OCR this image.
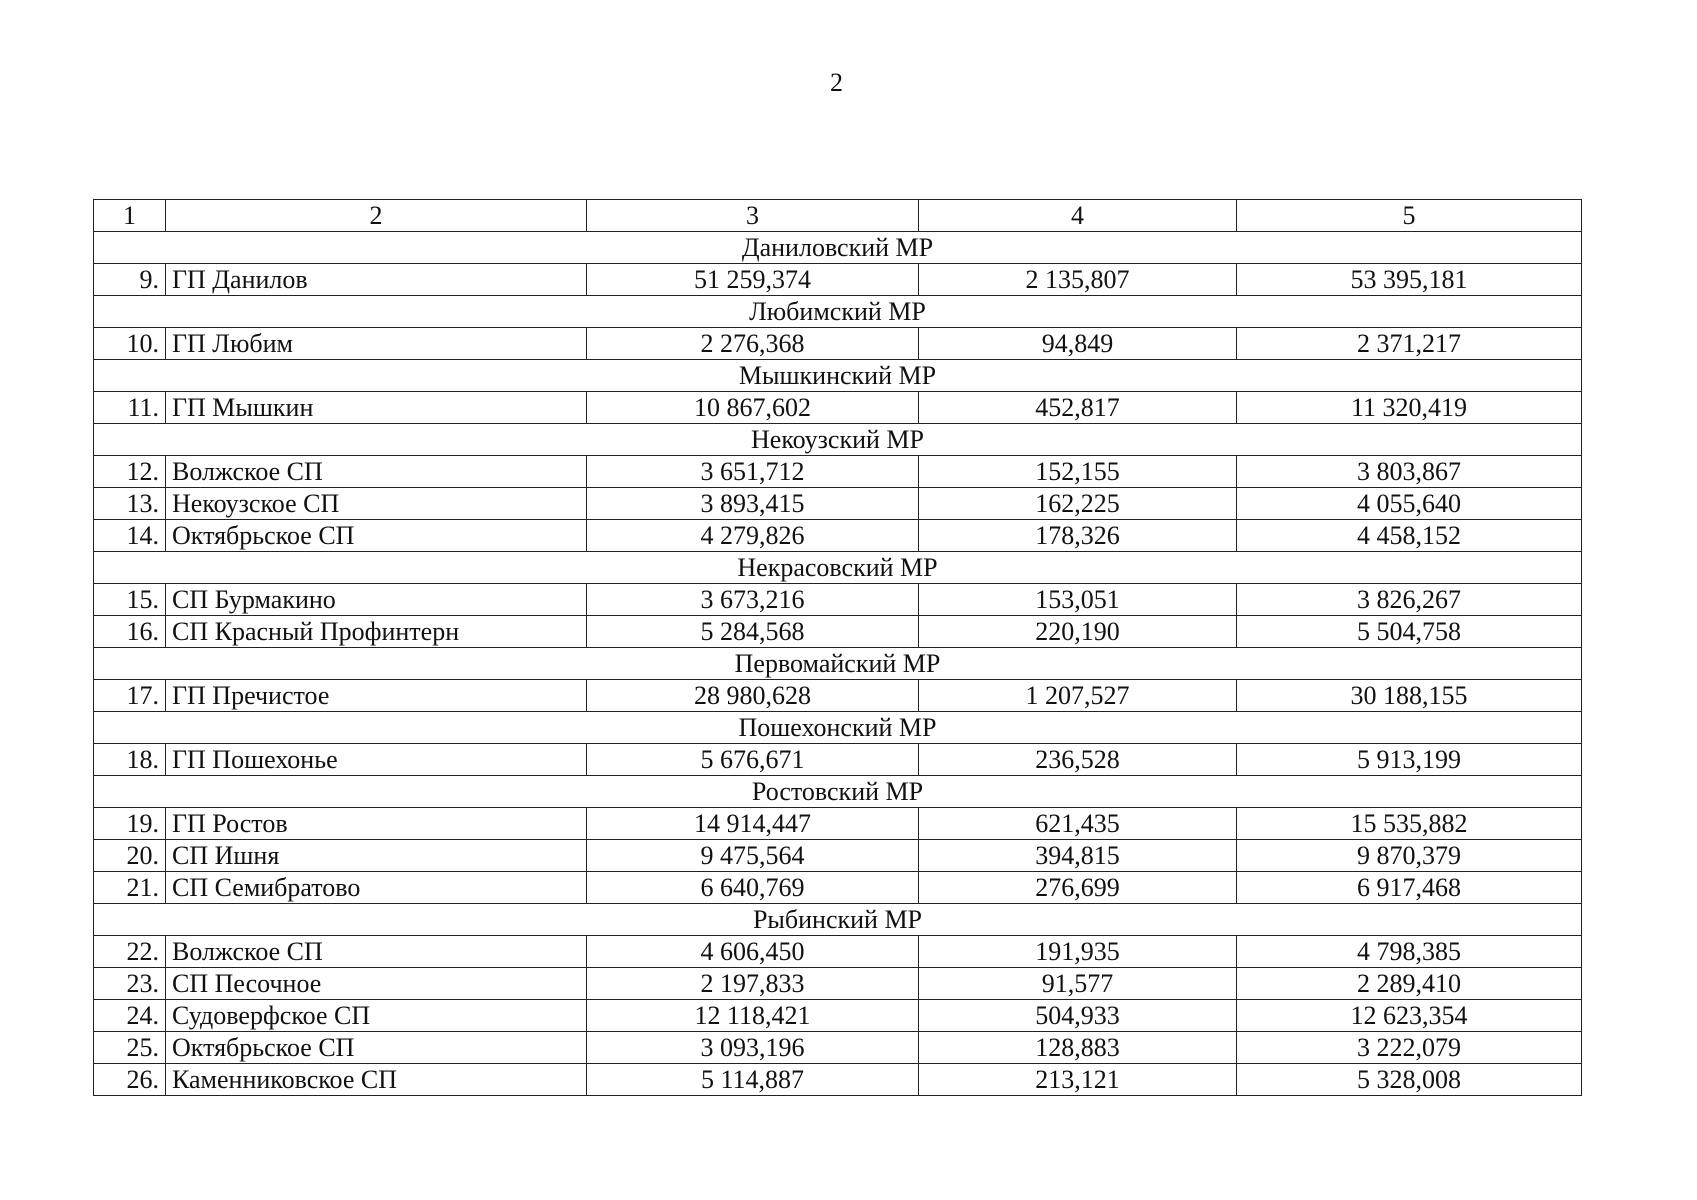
2
1	2	3	4	5
Даниловский МР				
9.	ГП Данилов	51 259,374	2 135,807	53 395,181
Любимский МР				
10.	ГП Любим	2 276,368	94,849	2 371,217
Мышкинский МР				
11.	ГП Мышкин	10 867,602	452,817	11 320,419
Некоузский МР				
12.	Волжское СП	3 651,712	152,155	3 803,867
13.	Некоузское СП	3 893,415	162,225	4 055,640
14.	Октябрьское СП	4 279,826	178,326	4 458,152
Некрасовский МР				
15.	СП Бурмакино	3 673,216	153,051	3 826,267
16.	СП Красный Профинтерн	5 284,568	220,190	5 504,758
Первомайский МР				
17.	ГП Пречистое	28 980,628	1 207,527	30 188,155
Пошехонский МР				
18.	ГП Пошехонье	5 676,671	236,528	5 913,199
Ростовский МР				
19.	ГП Ростов	14 914,447	621,435	15 535,882
20.	СП Ишня	9 475,564	394,815	9 870,379
21.	СП Семибратово	6 640,769	276,699	6 917,468
Рыбинский МР				
22.	Волжское СП	4 606,450	191,935	4 798,385
23.	СП Песочное	2 197,833	91,577	2 289,410
24.	Судоверфское СП	12 118,421	504,933	12 623,354
25.	Октябрьское СП	3 093,196	128,883	3 222,079
26.	Каменниковское СП	5 114,887	213,121	5 328,008
